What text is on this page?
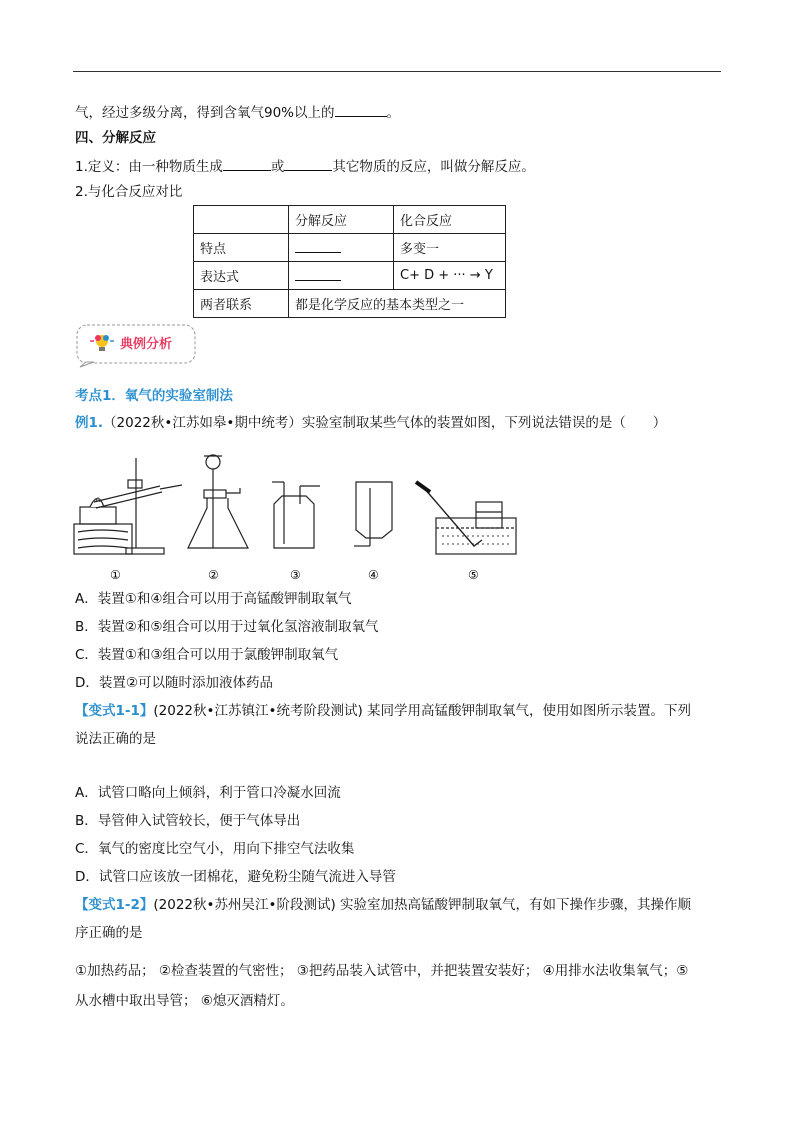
气，经过多级分离，得到含氧气90%以上的	。
四、分解反应
1.定义：由一种物质生成	或	其它物质的反应，叫做分解反应。
2.与化合反应对比
	分解反应	化合反应
特点		多变一
表达式		C+ D + ··· → Y
两者联系	都是化学反应的基本类型之一	
典例分析
考点1．氧气的实验室制法
例1.（2022秋•江苏如皋•期中统考）实验室制取某些气体的装置如图，下列说法错误的是（　　）
①	②	③	④	⑤
A．装置①和④组合可以用于高锰酸钾制取氧气
B．装置②和⑤组合可以用于过氧化氢溶液制取氧气
C．装置①和③组合可以用于氯酸钾制取氧气
D．装置②可以随时添加液体药品
【变式1-1】(2022秋•江苏镇江•统考阶段测试) 某同学用高锰酸钾制取氧气，使用如图所示装置。下列
说法正确的是
A．试管口略向上倾斜，利于管口冷凝水回流
B．导管伸入试管较长，便于气体导出
C．氧气的密度比空气小，用向下排空气法收集
D．试管口应该放一团棉花，避免粉尘随气流进入导管
【变式1-2】(2022秋•苏州吴江•阶段测试) 实验室加热高锰酸钾制取氧气，有如下操作步骤，其操作顺
序正确的是
①加热药品； ②检查装置的气密性； ③把药品装入试管中，并把装置安装好； ④用排水法收集氧气；⑤
从水槽中取出导管； ⑥熄灭酒精灯。
